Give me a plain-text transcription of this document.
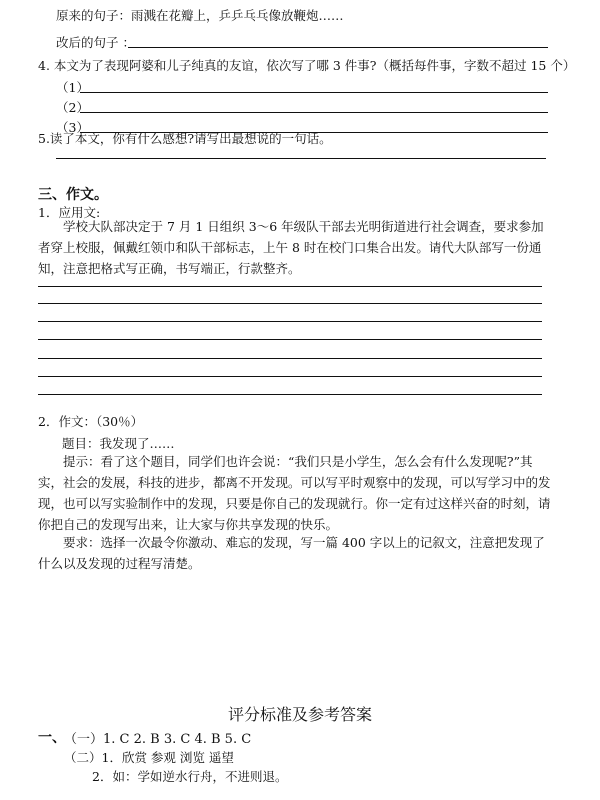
原来的句子：雨溅在花瓣上，乒乒乓乓像放鞭炮……
改后的句子 ：
4. 本文为了表现阿婆和儿子纯真的友谊，依次写了哪 3 件事?（概括每件事，字数不超过 15 个）
（1）
（2）
（3）
5.读了本文，你有什么感想?请写出最想说的一句话。
三、作文。
1．应用文:

学校大队部决定于 7 月 1 日组织 3～6 年级队干部去光明街道进行社会调查，要求参加者穿上校服，佩戴红领巾和队干部标志，上午 8 时在校门口集合出发。请代大队部写一份通知，注意把格式写正确，书写端正，行款整齐。

2．作文：（30％）
题目：我发现了……

提示：看了这个题目，同学们也许会说：“我们只是小学生，怎么会有什么发现呢?”其实，社会的发展，科技的进步，都离不开发现。可以写平时观察中的发现，可以写学习中的发现，也可以写实验制作中的发现，只要是你自己的发现就行。你一定有过这样兴奋的时刻，请你把自己的发现写出来，让大家与你共享发现的快乐。

要求：选择一次最令你激动、难忘的发现，写一篇 400 字以上的记叙文，注意把发现了什么以及发现的过程写清楚。

评分标准及参考答案
一、
（一）1. C 2. B 3. C 4. B 5. C
（二）1．欣赏 参观 浏览 遥望
2．如：学如逆水行舟，不进则退。
